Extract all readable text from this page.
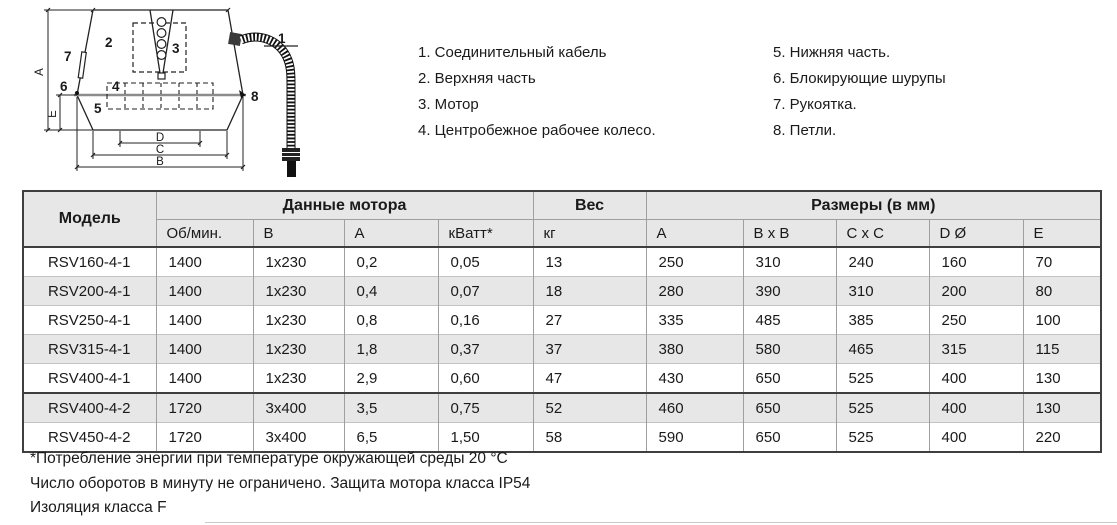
1
2	3
4
5
6
7
8
A
E
D
C
B
1. Соединительный кабель
2. Верхняя часть
3. Мотор
4. Центробежное рабочее колесо.
5. Нижняя часть.
6. Блокирующие шурупы
7. Рукоятка.
8. Петли.
Модель	Данные мотора				Вес	Размеры (в мм)				
	Об/мин.	В	А	кВатт*	кг	A	B x B	C x C	D Ø	E
RSV160-4-1	1400	1x230	0,2	0,05	13	250	310	240	160	70
RSV200-4-1	1400	1x230	0,4	0,07	18	280	390	310	200	80
RSV250-4-1	1400	1x230	0,8	0,16	27	335	485	385	250	100
RSV315-4-1	1400	1x230	1,8	0,37	37	380	580	465	315	115
RSV400-4-1	1400	1x230	2,9	0,60	47	430	650	525	400	130
RSV400-4-2	1720	3x400	3,5	0,75	52	460	650	525	400	130
RSV450-4-2	1720	3x400	6,5	1,50	58	590	650	525	400	220
*Потребление энергии при температуре окружающей среды 20 °C
Число оборотов в минуту не ограничено. Защита мотора класса IP54
Изоляция класса F
